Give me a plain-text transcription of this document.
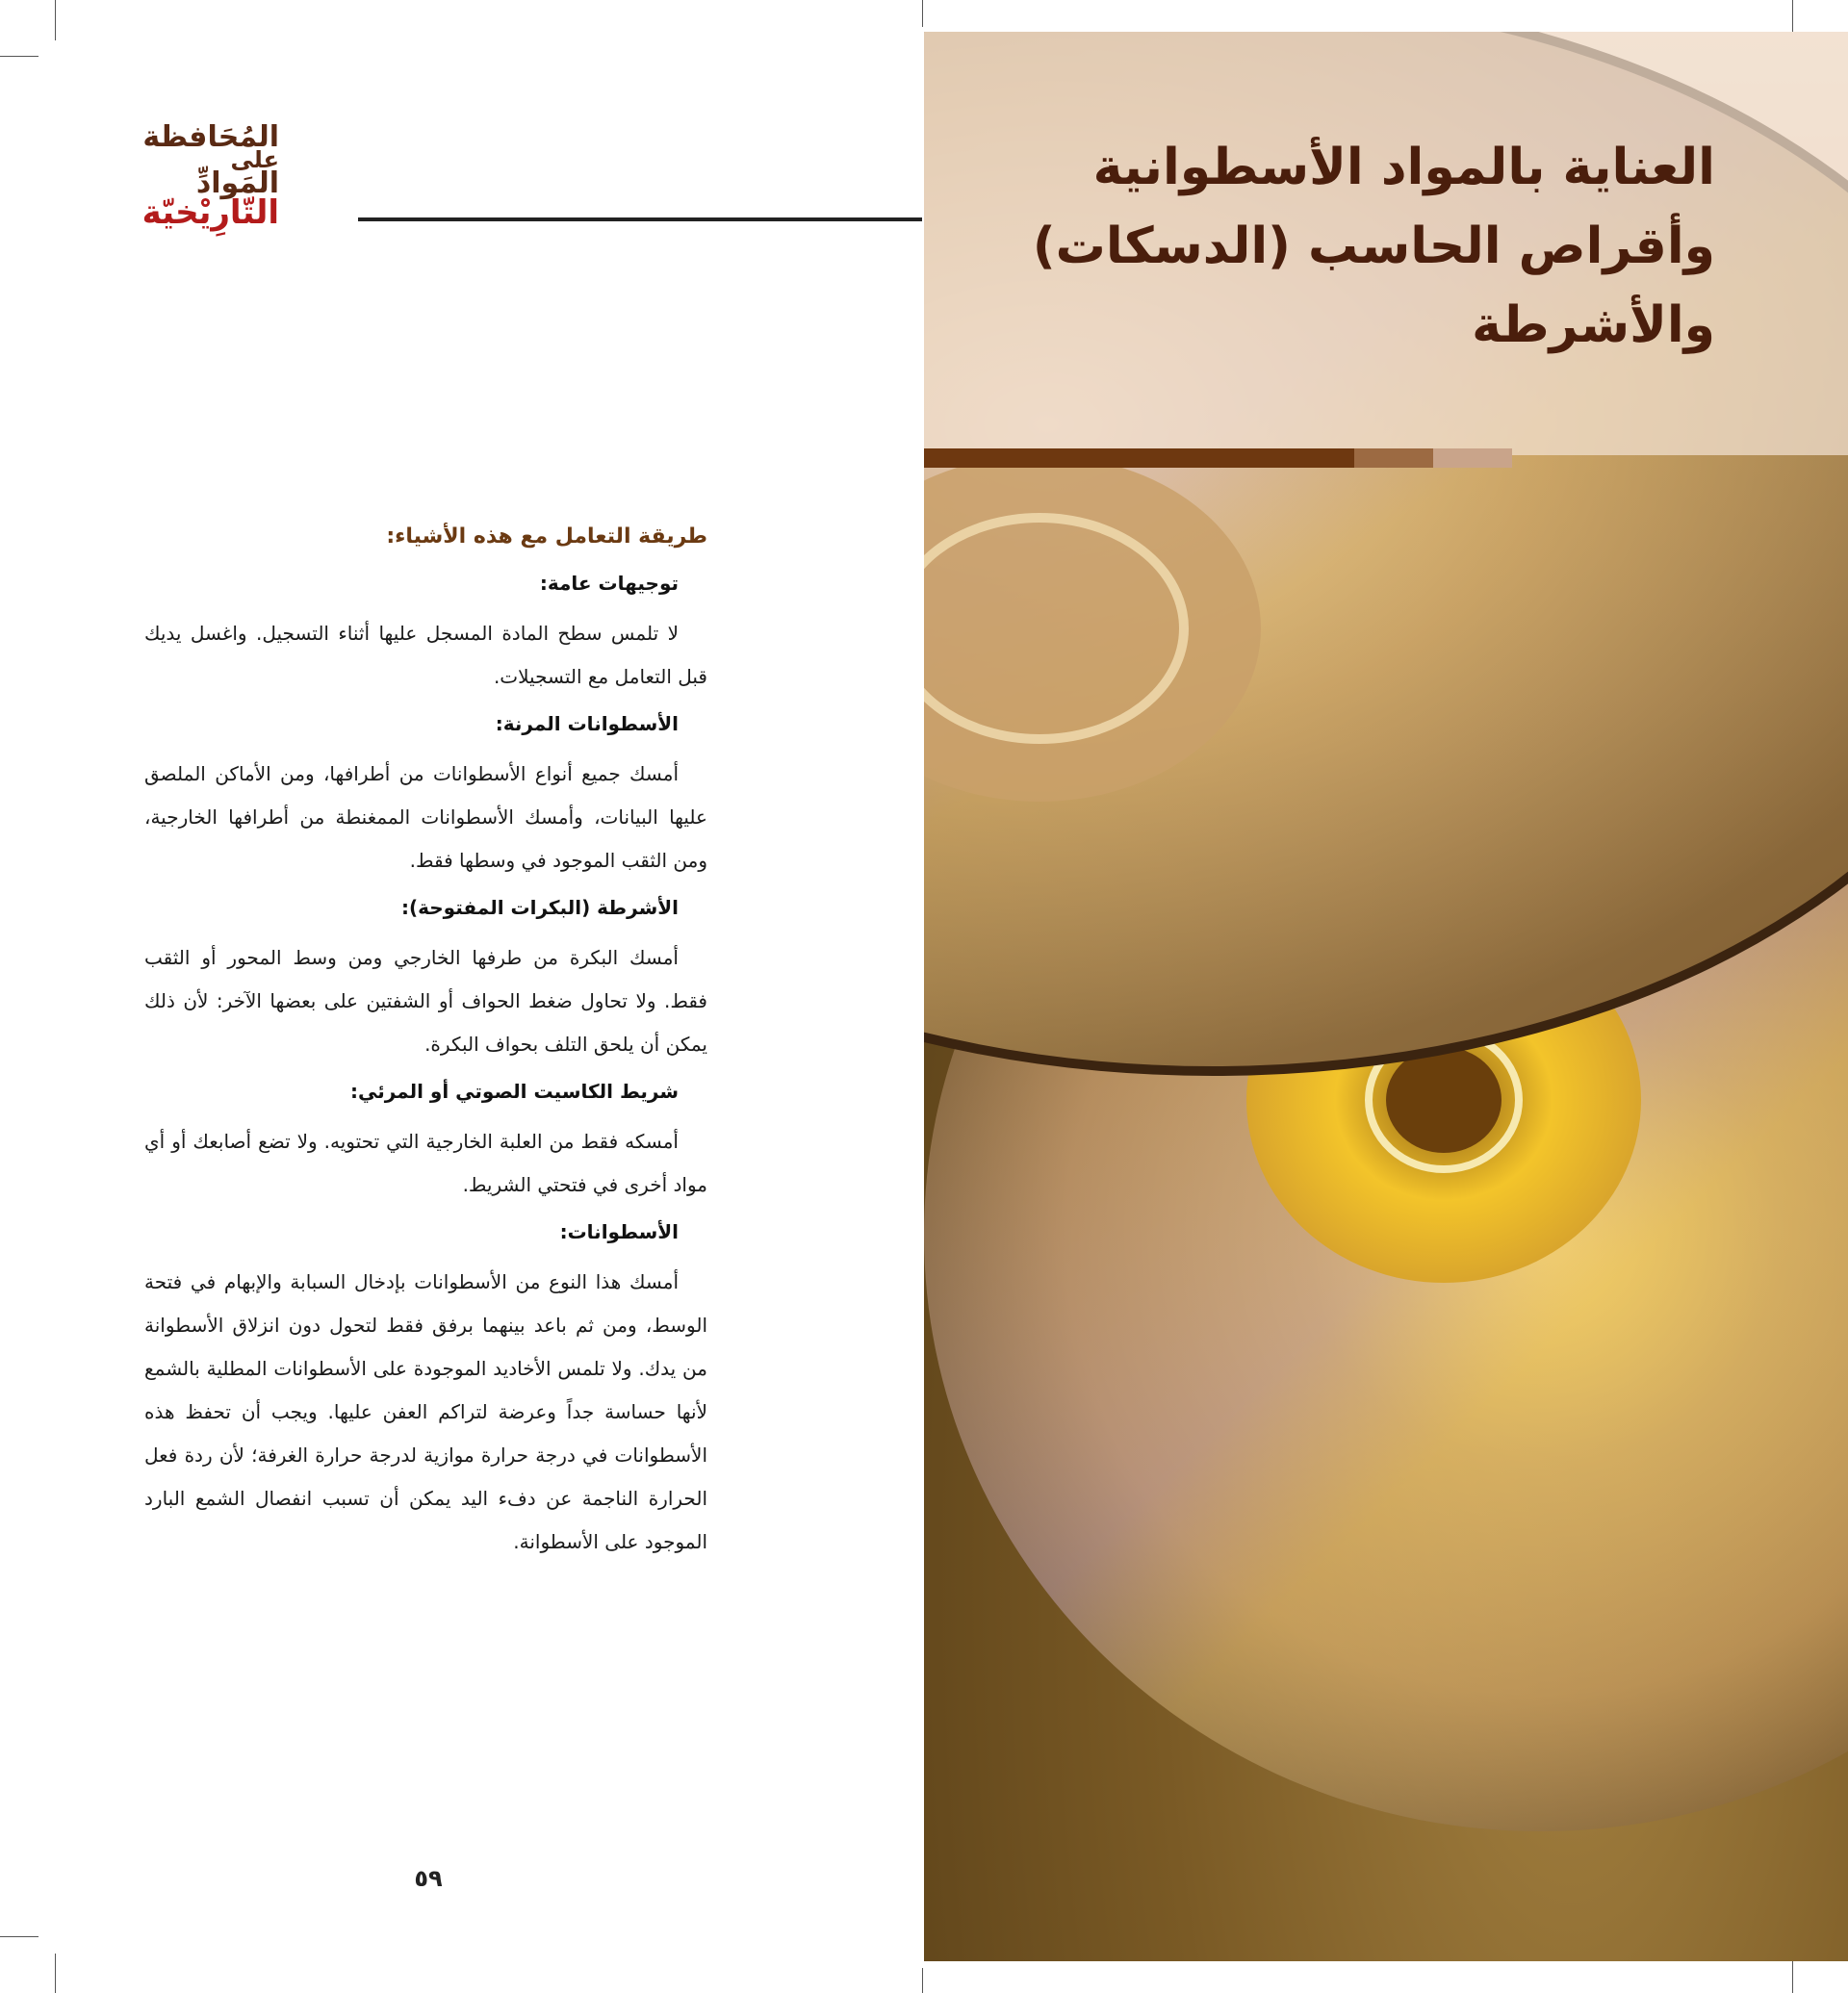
المُحَافظة
على
المَوادِّ
التّارِيْخيّة

طريقة التعامل مع هذه الأشياء:

توجيهات عامة:

لا تلمس سطح المادة المسجل عليها أثناء التسجيل. واغسل يديك قبل التعامل مع التسجيلات.

الأسطوانات المرنة:

أمسك جميع أنواع الأسطوانات من أطرافها، ومن الأماكن الملصق عليها البيانات، وأمسك الأسطوانات الممغنطة من أطرافها الخارجية، ومن الثقب الموجود في وسطها فقط.

الأشرطة (البكرات المفتوحة):

أمسك البكرة من طرفها الخارجي ومن وسط المحور أو الثقب فقط. ولا تحاول ضغط الحواف أو الشفتين على بعضها الآخر: لأن ذلك يمكن أن يلحق التلف بحواف البكرة.

شريط الكاسيت الصوتي أو المرئي:

أمسكه فقط من العلبة الخارجية التي تحتويه. ولا تضع أصابعك أو أي مواد أخرى في فتحتي الشريط.

الأسطوانات:

أمسك هذا النوع من الأسطوانات بإدخال السبابة والإبهام في فتحة الوسط، ومن ثم باعد بينهما برفق فقط لتحول دون انزلاق الأسطوانة من يدك. ولا تلمس الأخاديد الموجودة على الأسطوانات المطلية بالشمع لأنها حساسة جداً وعرضة لتراكم العفن عليها. ويجب أن تحفظ هذه الأسطوانات في درجة حرارة موازية لدرجة حرارة الغرفة؛ لأن ردة فعل الحرارة الناجمة عن دفء اليد يمكن أن تسبب انفصال الشمع البارد الموجود على الأسطوانة.

٥٩
العناية بالمواد الأسطوانية
وأقراص الحاسب (الدسكات)
والأشرطة
